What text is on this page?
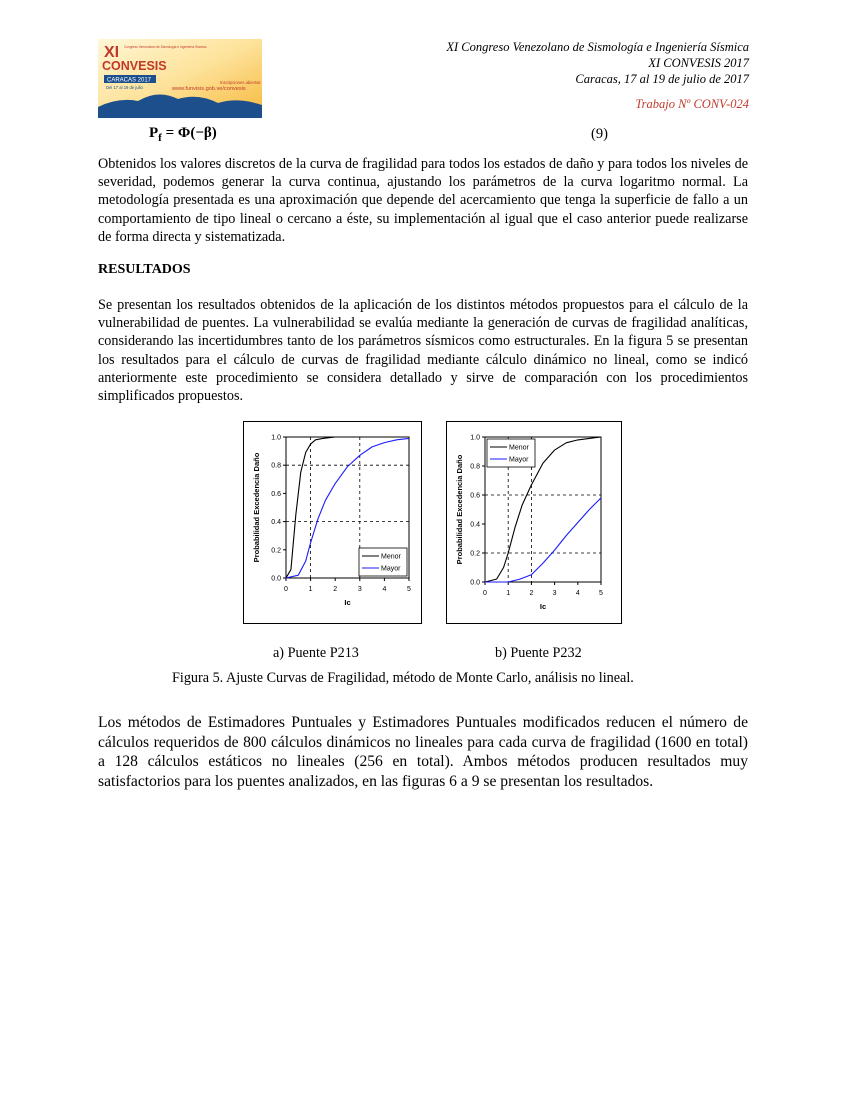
XI
CONVESIS
Congreso Venezolano de Sismología e Ingeniería Sísmica
CARACAS 2017
Del 17 al 19 de julio
Inscripciones abiertas
www.funvisis.gob.ve/convesis
XI Congreso Venezolano de Sismología e Ingeniería Sísmica
XI CONVESIS 2017
Caracas, 17 al 19 de julio de 2017
Trabajo Nº CONV-024
$P_f = \Phi(-\beta)$	(9)
Obtenidos los valores discretos de la curva de fragilidad para todos los estados de daño y para todos los niveles de severidad, podemos generar la curva continua, ajustando los parámetros de la curva logaritmo normal. La metodología presentada es una aproximación que depende del acercamiento que tenga la superficie de fallo a un comportamiento de tipo lineal o cercano a éste, su implementación al igual que el caso anterior puede realizarse de forma directa y sistematizada.
RESULTADOS
Se presentan los resultados obtenidos de la aplicación de los distintos métodos propuestos para el cálculo de la vulnerabilidad de puentes. La vulnerabilidad se evalúa mediante la generación de curvas de fragilidad analíticas, considerando las incertidumbres tanto de los parámetros sísmicos como estructurales. En la figura 5 se presentan los resultados para el cálculo de curvas de fragilidad mediante cálculo dinámico no lineal, como se indicó anteriormente este procedimiento se considera detallado y sirve de comparación con los procedimientos simplificados propuestos.
0	1	2	3	4	5
0.0
0.2
0.4
0.6
0.8
1.0
Ic
Probabilidad Excedencia Daño	Menor
Mayor
0	1	2	3	4	5
0.0
0.2
0.4
0.6
0.8
1.0
Ic
Probabilidad Excedencia Daño
Menor
Mayor
a) Puente P213	b) Puente P232
Figura 5. Ajuste Curvas de Fragilidad, método de Monte Carlo, análisis no lineal.
Los métodos de Estimadores Puntuales y Estimadores Puntuales modificados reducen el número de cálculos requeridos de 800 cálculos dinámicos no lineales para cada curva de fragilidad (1600 en total) a 128 cálculos estáticos no lineales (256 en total). Ambos métodos producen resultados muy satisfactorios para los puentes analizados, en las figuras 6 a 9 se presentan los resultados.
